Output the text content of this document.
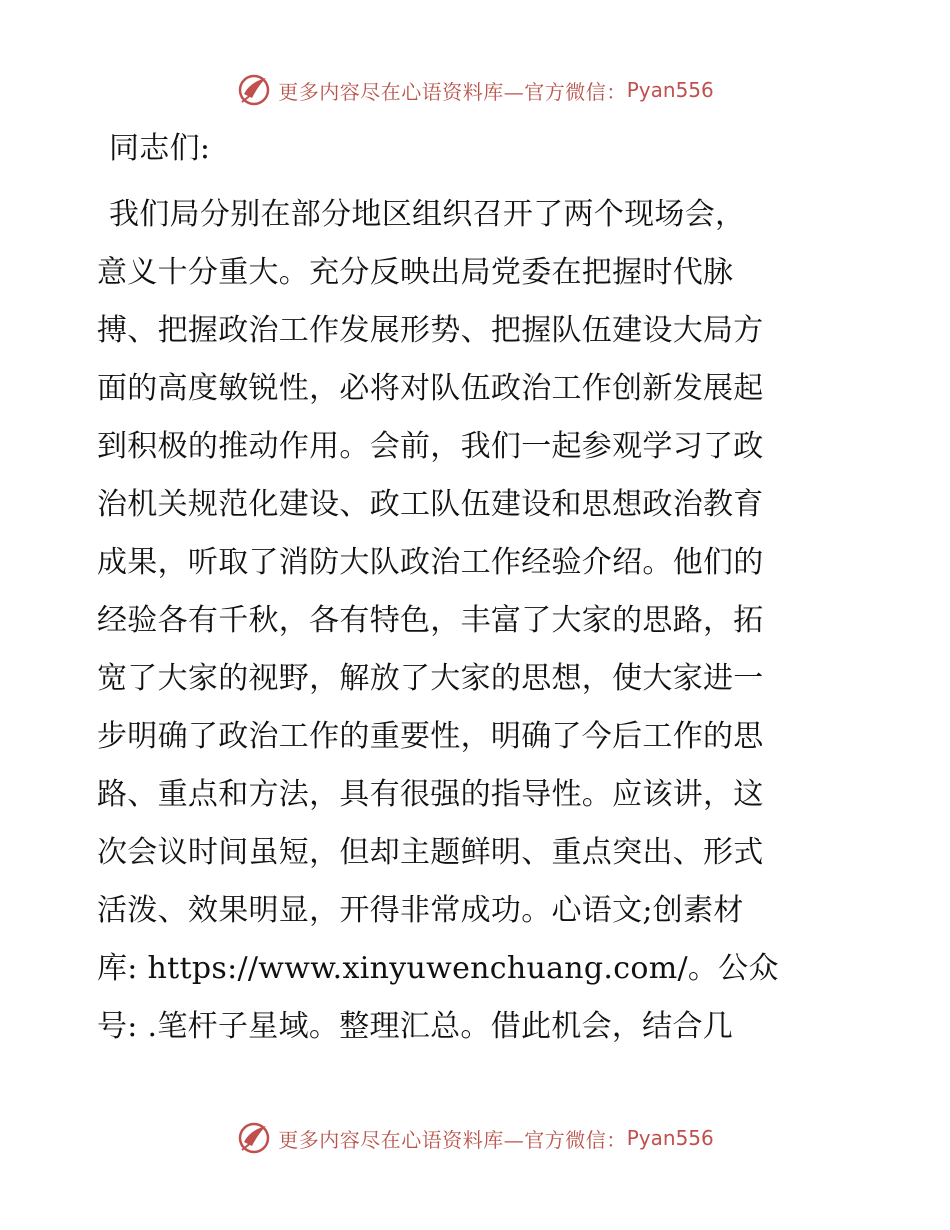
更多内容尽在心语资料库—官方微信： Pyan556
同志们:
我们局分别在部分地区组织召开了两个现场会，
意义十分重大。充分反映出局党委在把握时代脉
搏、把握政治工作发展形势、把握队伍建设大局方
面的高度敏锐性，必将对队伍政治工作创新发展起
到积极的推动作用。会前，我们一起参观学习了政
治机关规范化建设、政工队伍建设和思想政治教育
成果，听取了消防大队政治工作经验介绍。他们的
经验各有千秋，各有特色，丰富了大家的思路，拓
宽了大家的视野，解放了大家的思想，使大家进一
步明确了政治工作的重要性，明确了今后工作的思
路、重点和方法，具有很强的指导性。应该讲，这
次会议时间虽短，但却主题鲜明、重点突出、形式
活泼、效果明显，开得非常成功。心语文;创素材
库: https://www.xinyuwenchuang.com/。公众
号: .笔杆子星域。整理汇总。借此机会，结合几
更多内容尽在心语资料库—官方微信： Pyan556
